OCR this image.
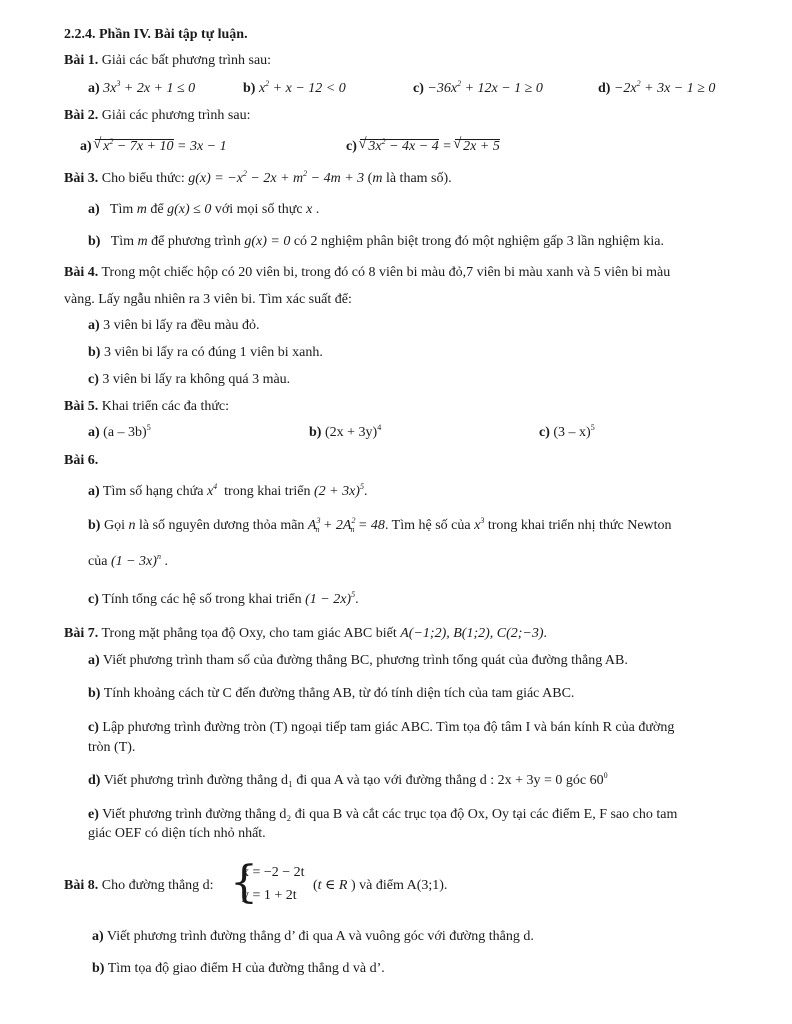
2.2.4. Phần IV. Bài tập tự luận.
Bài 1. Giải các bất phương trình sau:
a) $3x^3 + 2x + 1 \le 0$	b) $x^2 + x - 12 < 0$	$c) -36x^2 + 12x - 1 \ge 0$	$d) -2x^2 + 3x - 1 \ge 0$
Bài 2. Giải các phương trình sau:
a) √ $x^2 - 7x + 10 = 3x - 1$	c) √ $3x^2 - 4x - 4$ = √ 2x + 5
Bài 3. Cho biểu thức: $g(x) = -x^2 - 2x + m^2 - 4m + 3$ (m là tham số).
a) Tìm m để g(x) ≤ 0 với mọi số thực x .
b) Tìm m để phương trình g(x) = 0 có 2 nghiệm phân biệt trong đó một nghiệm gấp 3 lần nghiệm kia.
Bài 4. Trong một chiếc hộp có 20 viên bi, trong đó có 8 viên bi màu đỏ,7 viên bi màu xanh và 5 viên bi màu
vàng. Lấy ngẫu nhiên ra 3 viên bi. Tìm xác suất để:
a) 3 viên bi lấy ra đều màu đỏ.
b) 3 viên bi lấy ra có đúng 1 viên bi xanh.
c) 3 viên bi lấy ra không quá 3 màu.
Bài 5. Khai triển các đa thức:
a) (a – 3b)$^5$	b) $(2x + 3y)^4$	c) (3 – x)$^5$
Bài 6.
a) Tìm số hạng chứa $x^4$ trong khai triển $(2 + 3x)^5$.
b) Gọi n là số nguyên dương thỏa mãn $A^3_n + 2A^2_n = 48$. Tìm hệ số của $x^3$ trong khai triển nhị thức Newton
của $(1 - 3x)^n$ .
c) Tính tổng các hệ số trong khai triển $(1 - 2x)^5$.
Bài 7. Trong mặt phẳng tọa độ Oxy, cho tam giác ABC biết A(−1;2), B(1;2), C(2;−3).
a) Viết phương trình tham số của đường thẳng BC, phương trình tổng quát của đường thẳng AB.
b) Tính khoảng cách từ C đến đường thẳng AB, từ đó tính diện tích của tam giác ABC.
c) Lập phương trình đường tròn (T) ngoại tiếp tam giác ABC. Tìm tọa độ tâm I và bán kính R của đường
tròn (T).
d) Viết phương trình đường thẳng d₁ đi qua A và tạo với đường thẳng d : 2x + 3y = 0 góc $60^0$
e) Viết phương trình đường thẳng d₂ đi qua B và cắt các trục tọa độ Ox, Oy tại các điểm E, F sao cho tam
giác OEF có diện tích nhỏ nhất.
Bài 8. Cho đường thẳng d: {
x = −2 − 2t
y = 1 + 2t
(t ∈ R ) và điểm A(3;1).
a) Viết phương trình đường thẳng d’ đi qua A và vuông góc với đường thẳng d.
b) Tìm tọa độ giao điểm H của đường thẳng d và d’.
